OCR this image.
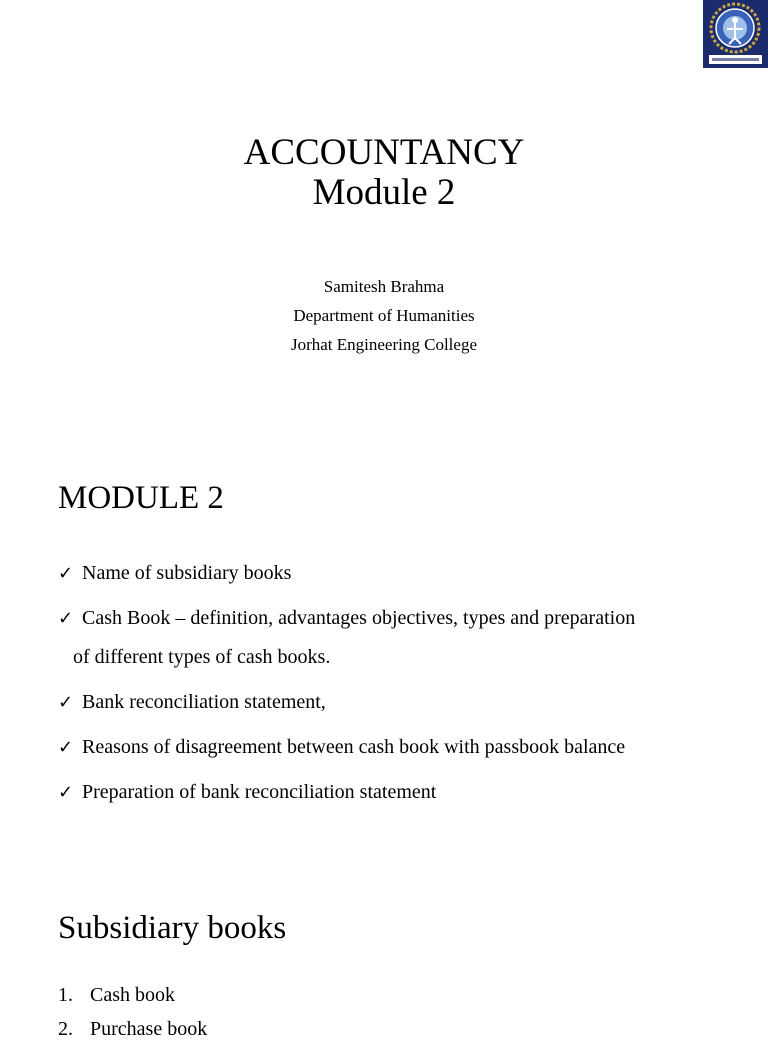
ACCOUNTANCY
Module 2
Samitesh Brahma
Department of Humanities
Jorhat Engineering College
MODULE 2
✓ Name of subsidiary books
✓ Cash Book – definition, advantages objectives, types and preparation
of different types of cash books.
✓ Bank reconciliation statement,
✓ Reasons of disagreement between cash book with passbook balance
✓ Preparation of bank reconciliation statement
Subsidiary books
1. Cash book
2. Purchase book
